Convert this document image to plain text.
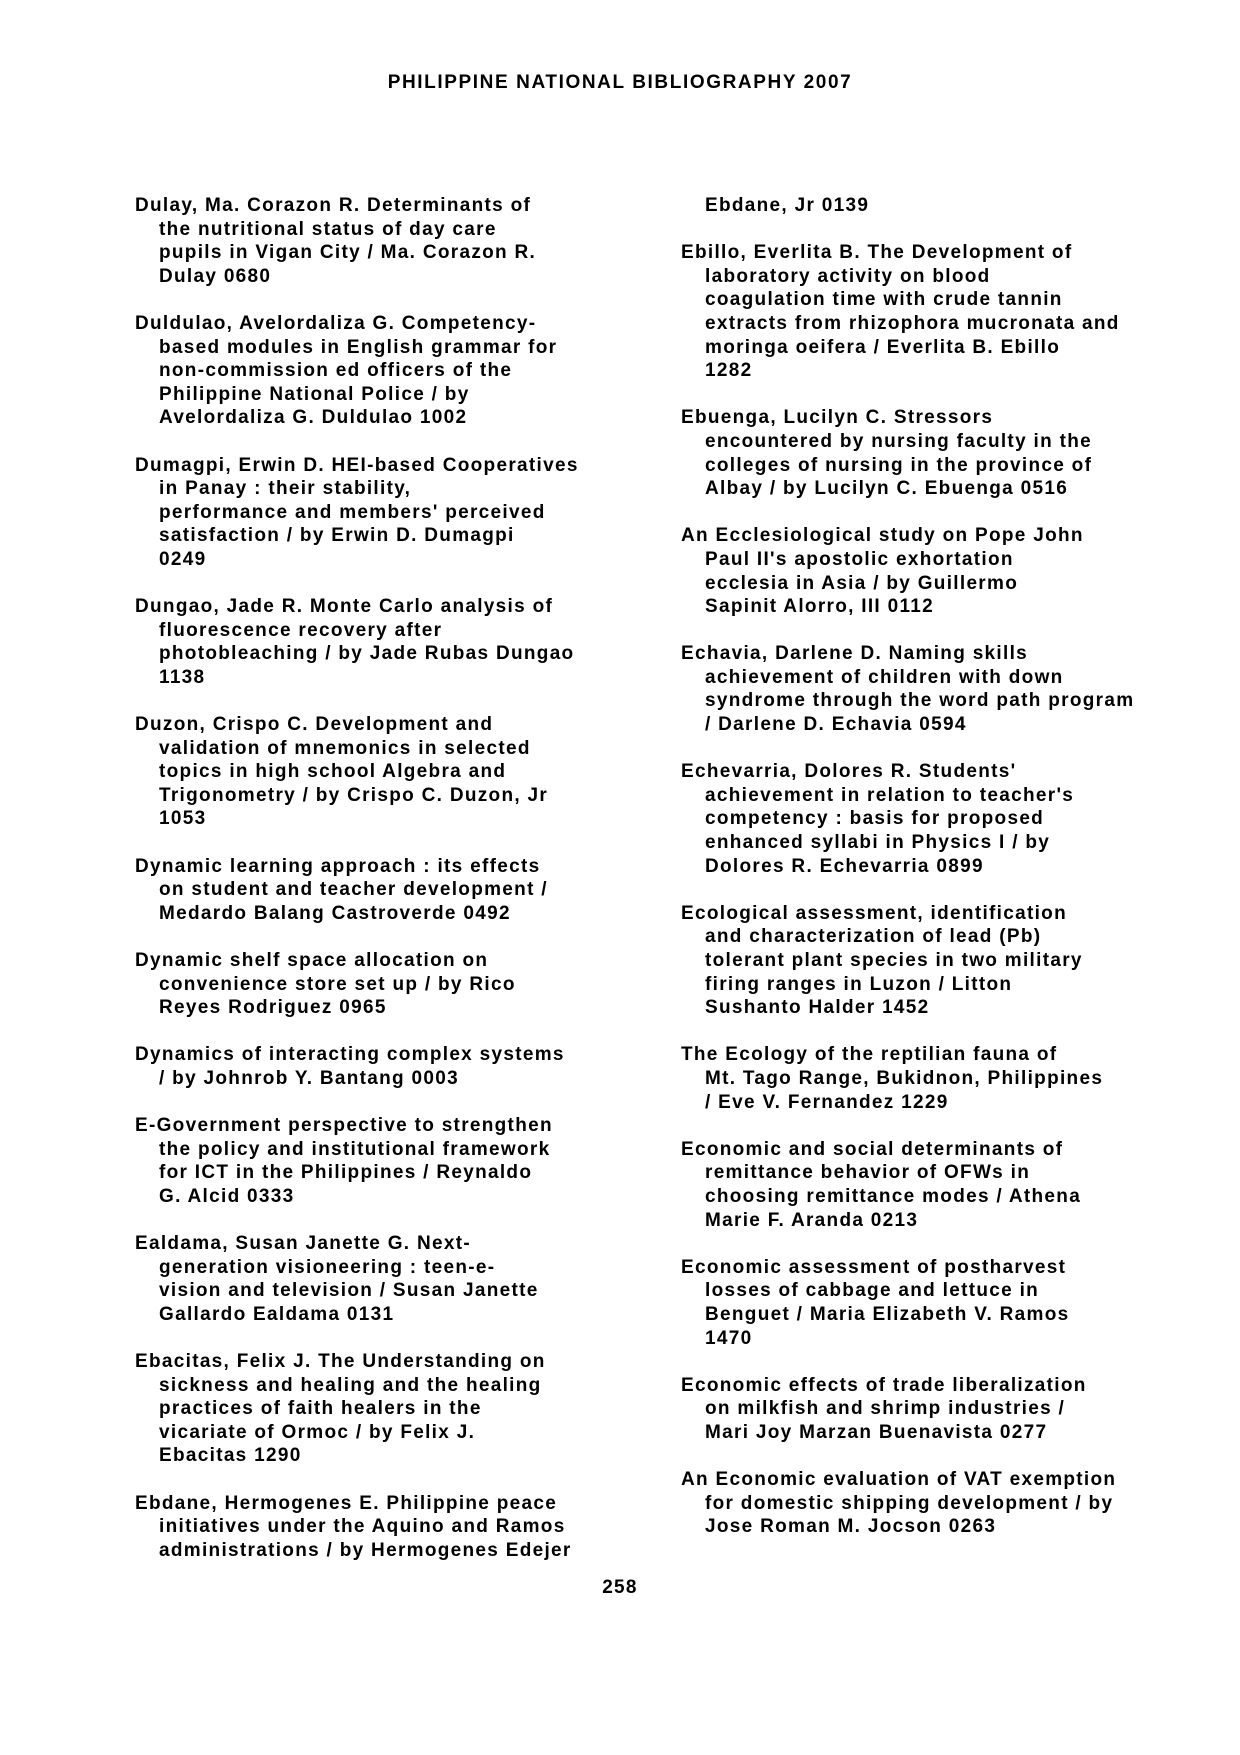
PHILIPPINE NATIONAL BIBLIOGRAPHY 2007

Dulay, Ma. Corazon R. Determinants of
the nutritional status of day care
pupils in Vigan City / Ma. Corazon R.
Dulay 0680

Duldulao, Avelordaliza G. Competency-
based modules in English grammar for
non-commission ed officers of the
Philippine National Police / by
Avelordaliza G. Duldulao 1002

Dumagpi, Erwin D. HEI-based Cooperatives
in Panay : their stability,
performance and members' perceived
satisfaction / by Erwin D. Dumagpi
0249

Dungao, Jade R. Monte Carlo analysis of
fluorescence recovery after
photobleaching / by Jade Rubas Dungao
1138

Duzon, Crispo C. Development and
validation of mnemonics in selected
topics in high school Algebra and
Trigonometry / by Crispo C. Duzon, Jr
1053

Dynamic learning approach : its effects
on student and teacher development /
Medardo Balang Castroverde 0492

Dynamic shelf space allocation on
convenience store set up / by Rico
Reyes Rodriguez 0965

Dynamics of interacting complex systems
/ by Johnrob Y. Bantang 0003

E-Government perspective to strengthen
the policy and institutional framework
for ICT in the Philippines / Reynaldo
G. Alcid 0333

Ealdama, Susan Janette G. Next-
generation visioneering : teen-e-
vision and television / Susan Janette
Gallardo Ealdama 0131

Ebacitas, Felix J. The Understanding on
sickness and healing and the healing
practices of faith healers in the
vicariate of Ormoc / by Felix J.
Ebacitas 1290

Ebdane, Hermogenes E. Philippine peace
initiatives under the Aquino and Ramos
administrations / by Hermogenes Edejer

Ebdane, Jr 0139

Ebillo, Everlita B. The Development of
laboratory activity on blood
coagulation time with crude tannin
extracts from rhizophora mucronata and
moringa oeifera / Everlita B. Ebillo
1282

Ebuenga, Lucilyn C. Stressors
encountered by nursing faculty in the
colleges of nursing in the province of
Albay / by Lucilyn C. Ebuenga 0516

An Ecclesiological study on Pope John
Paul II's apostolic exhortation
ecclesia in Asia / by Guillermo
Sapinit Alorro, III 0112

Echavia, Darlene D. Naming skills
achievement of children with down
syndrome through the word path program
/ Darlene D. Echavia 0594

Echevarria, Dolores R. Students'
achievement in relation to teacher's
competency : basis for proposed
enhanced syllabi in Physics I / by
Dolores R. Echevarria 0899

Ecological assessment, identification
and characterization of lead (Pb)
tolerant plant species in two military
firing ranges in Luzon / Litton
Sushanto Halder 1452

The Ecology of the reptilian fauna of
Mt. Tago Range, Bukidnon, Philippines
/ Eve V. Fernandez 1229

Economic and social determinants of
remittance behavior of OFWs in
choosing remittance modes / Athena
Marie F. Aranda 0213

Economic assessment of postharvest
losses of cabbage and lettuce in
Benguet / Maria Elizabeth V. Ramos
1470

Economic effects of trade liberalization
on milkfish and shrimp industries /
Mari Joy Marzan Buenavista 0277

An Economic evaluation of VAT exemption
for domestic shipping development / by
Jose Roman M. Jocson 0263

258
